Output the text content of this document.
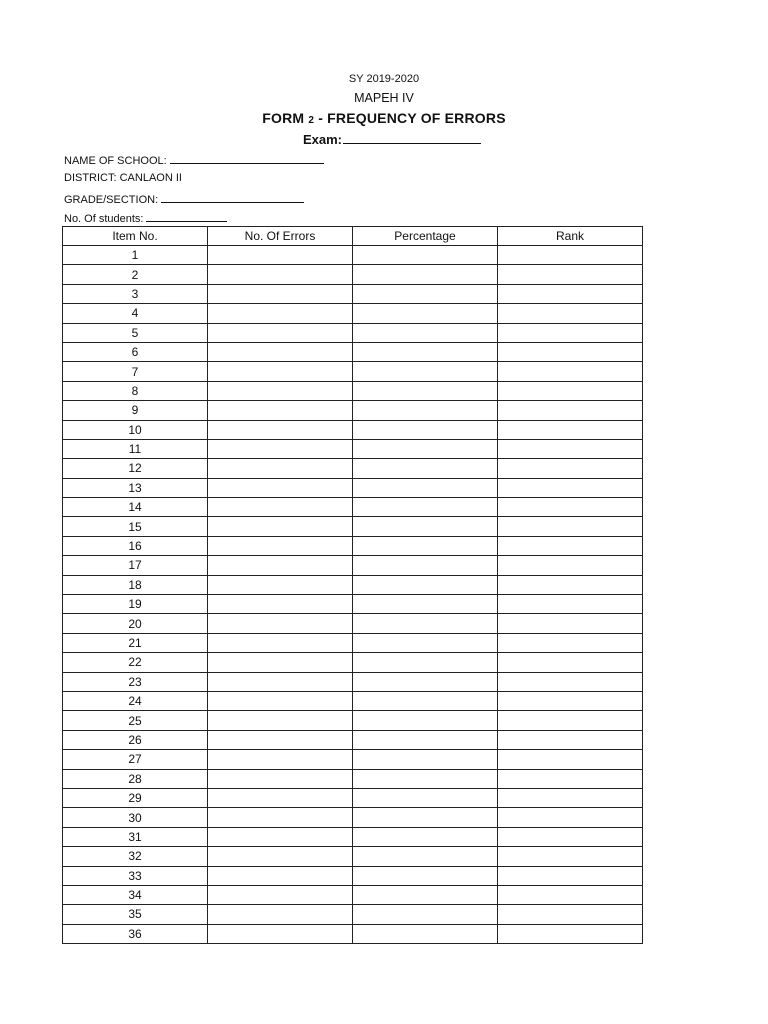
SY 2019-2020
MAPEH IV
FORM 2 - FREQUENCY OF ERRORS
Exam:
NAME OF SCHOOL:
DISTRICT: CANLAON II
GRADE/SECTION:
No. Of students:
Item No.	No. Of Errors	Percentage	Rank
1			
2			
3			
4			
5			
6			
7			
8			
9			
10			
11			
12			
13			
14			
15			
16			
17			
18			
19			
20			
21			
22			
23			
24			
25			
26			
27			
28			
29			
30			
31			
32			
33			
34			
35			
36			
